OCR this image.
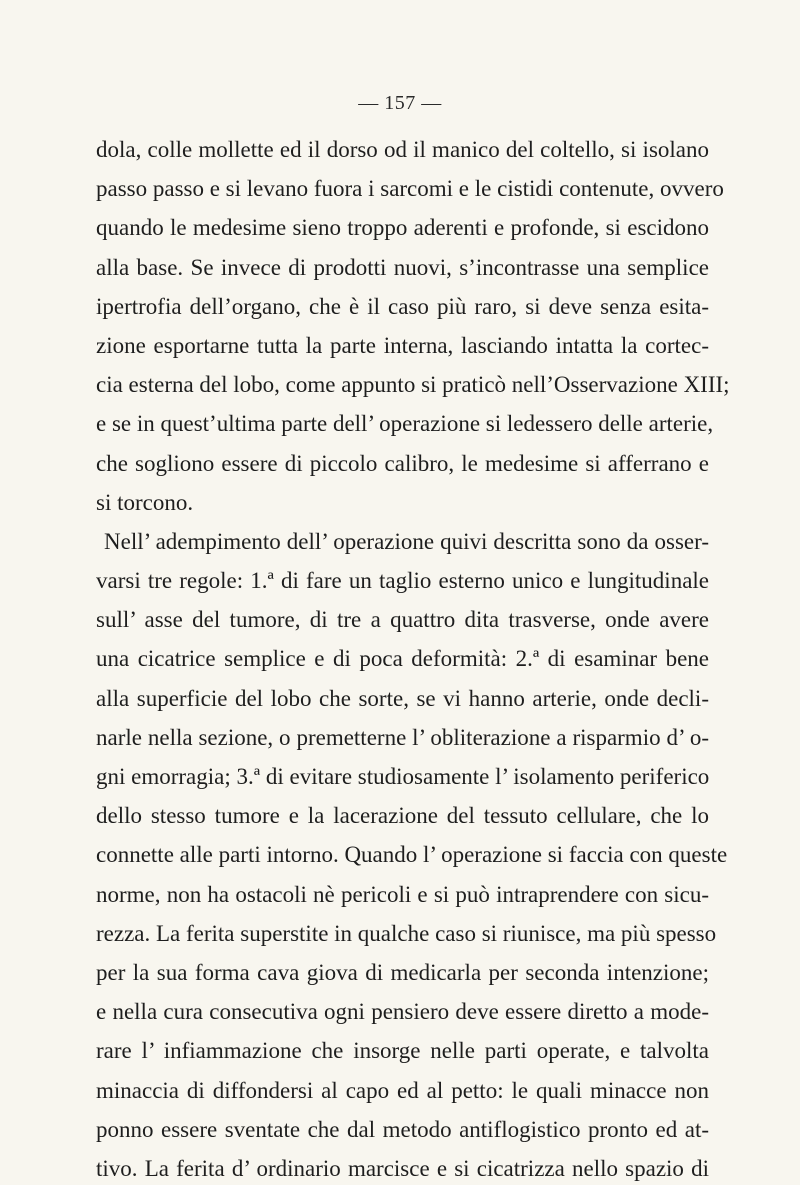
— 157 —
dola, colle mollette ed il dorso od il manico del coltello, si isolano
passo passo e si levano fuora i sarcomi e le cistidi contenute, ovvero
quando le medesime sieno troppo aderenti e profonde, si escidono
alla base. Se invece di prodotti nuovi, s’incontrasse una semplice
ipertrofia dell’organo, che è il caso più raro, si deve senza esita-
zione esportarne tutta la parte interna, lasciando intatta la cortec-
cia esterna del lobo, come appunto si praticò nell’Osservazione XIII;
e se in quest’ultima parte dell’ operazione si ledessero delle arterie,
che sogliono essere di piccolo calibro, le medesime si afferrano e
si torcono.
Nell’ adempimento dell’ operazione quivi descritta sono da osser-
varsi tre regole: 1.ª di fare un taglio esterno unico e lungitudinale
sull’ asse del tumore, di tre a quattro dita trasverse, onde avere
una cicatrice semplice e di poca deformità: 2.ª di esaminar bene
alla superficie del lobo che sorte, se vi hanno arterie, onde decli-
narle nella sezione, o premetterne l’ obliterazione a risparmio d’ o-
gni emorragia; 3.ª di evitare studiosamente l’ isolamento periferico
dello stesso tumore e la lacerazione del tessuto cellulare, che lo
connette alle parti intorno. Quando l’ operazione si faccia con queste
norme, non ha ostacoli nè pericoli e si può intraprendere con sicu-
rezza. La ferita superstite in qualche caso si riunisce, ma più spesso
per la sua forma cava giova di medicarla per seconda intenzione;
e nella cura consecutiva ogni pensiero deve essere diretto a mode-
rare l’ infiammazione che insorge nelle parti operate, e talvolta
minaccia di diffondersi al capo ed al petto: le quali minacce non
ponno essere sventate che dal metodo antiflogistico pronto ed at-
tivo. La ferita d’ ordinario marcisce e si cicatrizza nello spazio di
